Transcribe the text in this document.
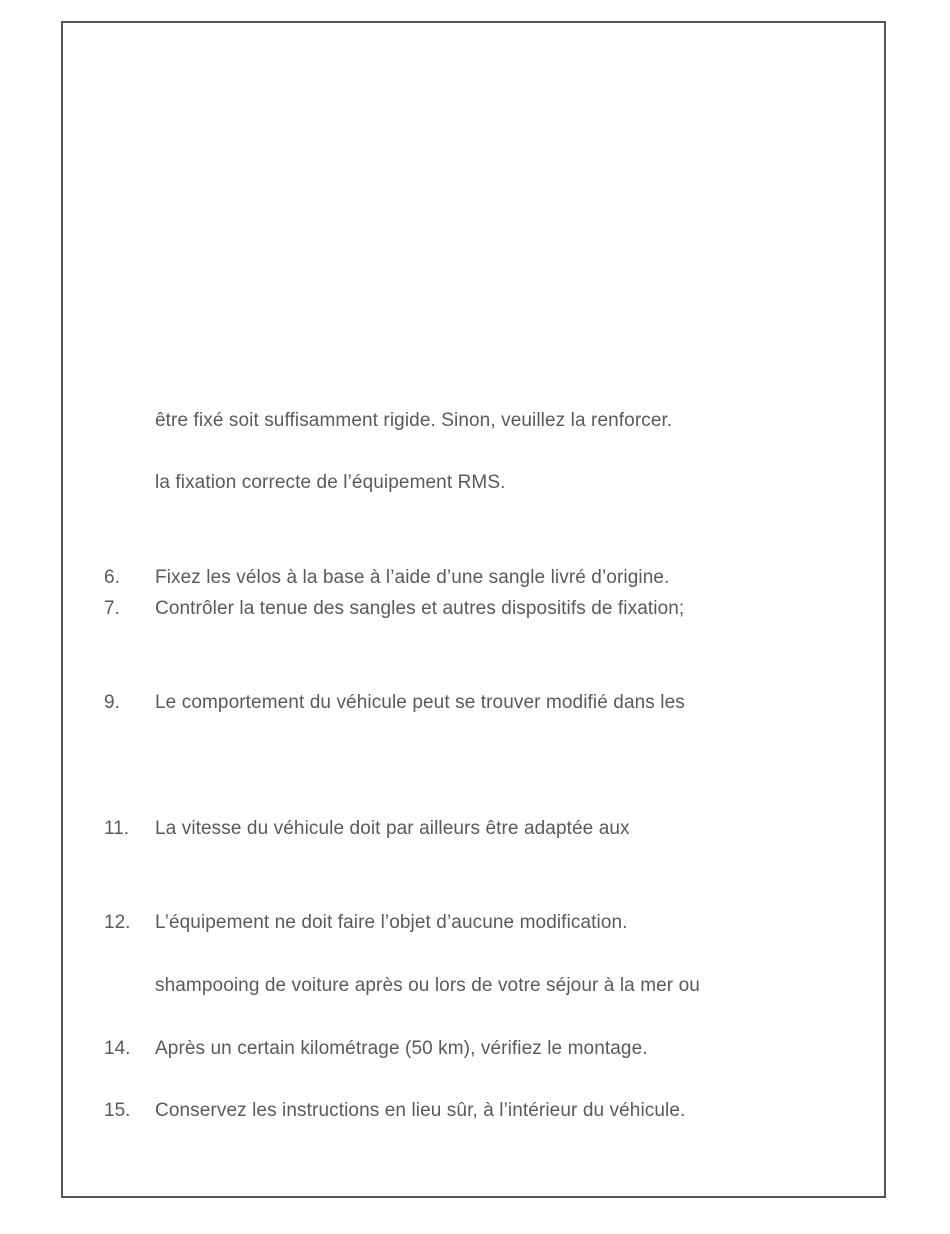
être fixé soit suffisamment rigide. Sinon, veuillez la renforcer.
la fixation correcte de l’équipement RMS.
6. Fixez les vélos à la base à l’aide d’une sangle livré d’origine.
7. Contrôler la tenue des sangles et autres dispositifs de fixation;
9. Le comportement du véhicule peut se trouver modifié dans les
11. La vitesse du véhicule doit par ailleurs être adaptée aux
12. L’équipement ne doit faire l’objet d’aucune modification.
shampooing de voiture après ou lors de votre séjour à la mer ou
14. Après un certain kilométrage (50 km), vérifiez le montage.
15. Conservez les instructions en lieu sûr, à l’intérieur du véhicule.
